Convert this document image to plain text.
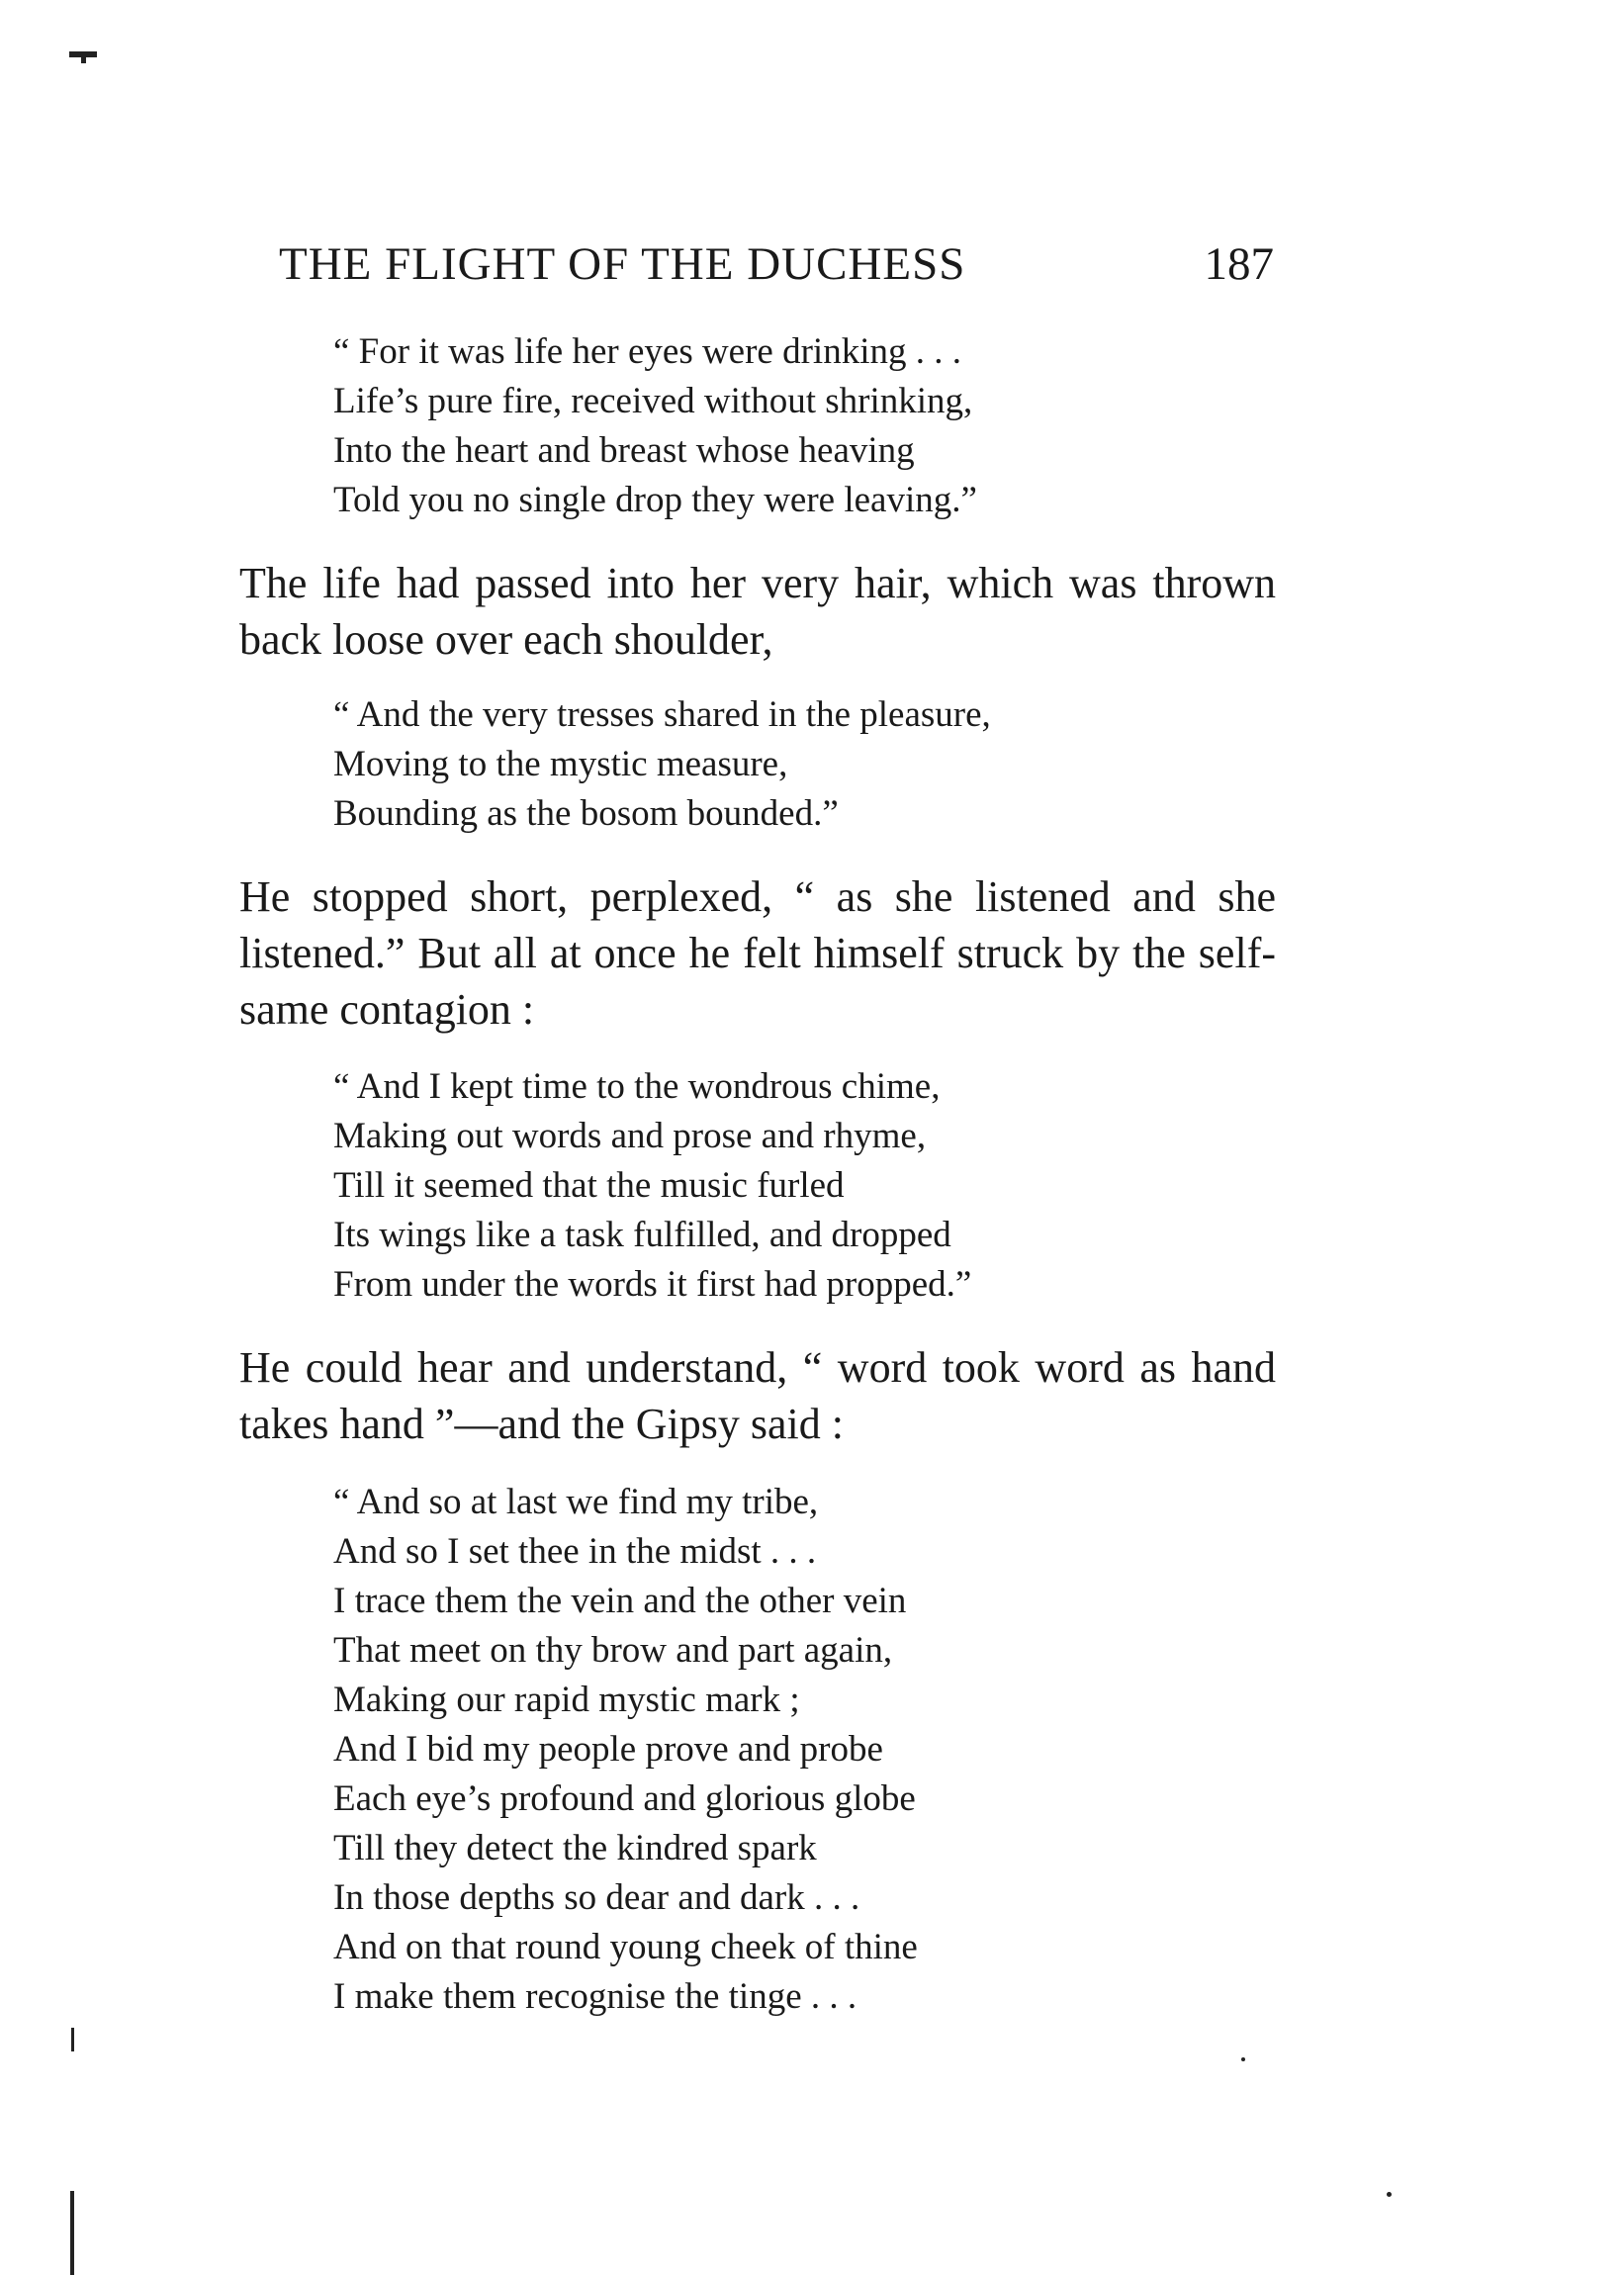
THE FLIGHT OF THE DUCHESS	187
“ For it was life her eyes were drinking . . .
Life’s pure fire, received without shrinking,
Into the heart and breast whose heaving
Told you no single drop they were leaving.”

The life had passed into her very hair, which was thrown back loose over each shoulder,

“ And the very tresses shared in the pleasure,
Moving to the mystic measure,
Bounding as the bosom bounded.”

He stopped short, perplexed, “ as she listened and she listened.” But all at once he felt himself struck by the self-same contagion :

“ And I kept time to the wondrous chime,
Making out words and prose and rhyme,
Till it seemed that the music furled
Its wings like a task fulfilled, and dropped
From under the words it first had propped.”

He could hear and understand, “ word took word as hand takes hand ”—and the Gipsy said :

“ And so at last we find my tribe,
And so I set thee in the midst . . .
I trace them the vein and the other vein
That meet on thy brow and part again,
Making our rapid mystic mark ;
And I bid my people prove and probe
Each eye’s profound and glorious globe
Till they detect the kindred spark
In those depths so dear and dark . . .
And on that round young cheek of thine
I make them recognise the tinge . . .
